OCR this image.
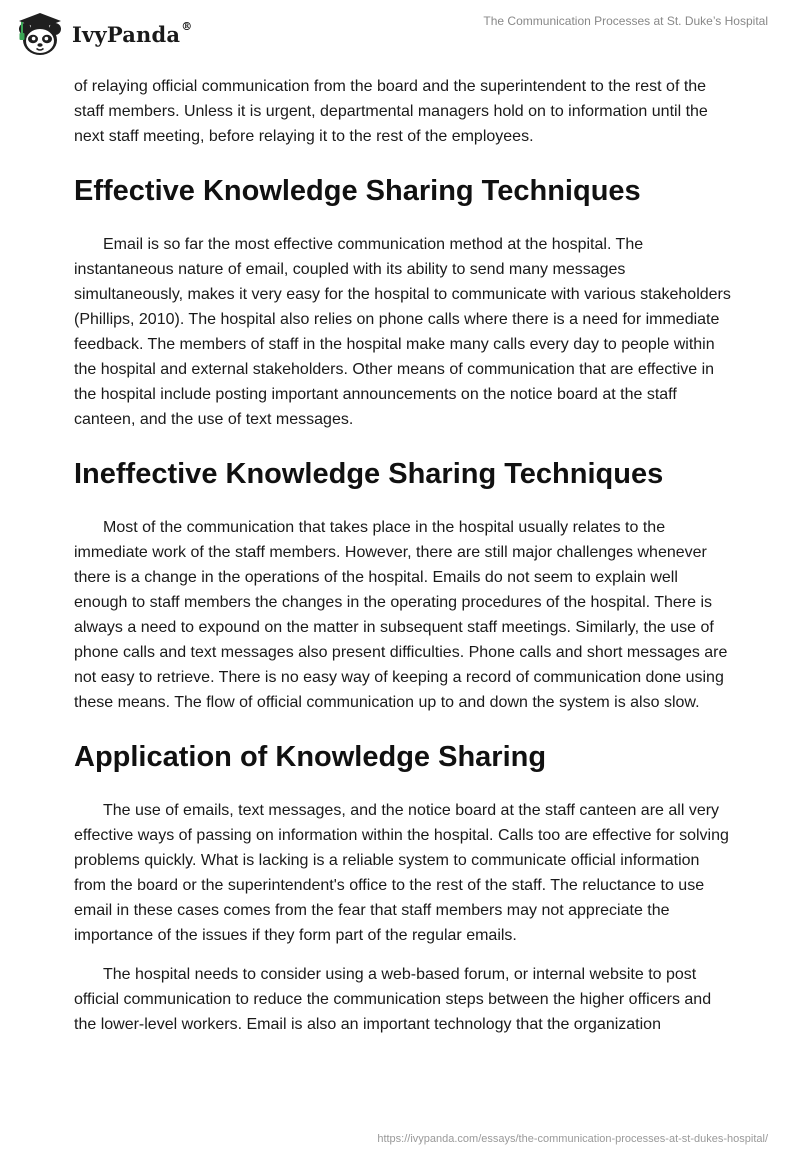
IvyPanda®	The Communication Processes at St. Duke’s Hospital

of relaying official communication from the board and the superintendent to the rest of the staff members. Unless it is urgent, departmental managers hold on to information until the next staff meeting, before relaying it to the rest of the employees.

Effective Knowledge Sharing Techniques

Email is so far the most effective communication method at the hospital. The instantaneous nature of email, coupled with its ability to send many messages simultaneously, makes it very easy for the hospital to communicate with various stakeholders (Phillips, 2010). The hospital also relies on phone calls where there is a need for immediate feedback. The members of staff in the hospital make many calls every day to people within the hospital and external stakeholders. Other means of communication that are effective in the hospital include posting important announcements on the notice board at the staff canteen, and the use of text messages.

Ineffective Knowledge Sharing Techniques

Most of the communication that takes place in the hospital usually relates to the immediate work of the staff members. However, there are still major challenges whenever there is a change in the operations of the hospital. Emails do not seem to explain well enough to staff members the changes in the operating procedures of the hospital. There is always a need to expound on the matter in subsequent staff meetings. Similarly, the use of phone calls and text messages also present difficulties. Phone calls and short messages are not easy to retrieve. There is no easy way of keeping a record of communication done using these means. The flow of official communication up to and down the system is also slow.

Application of Knowledge Sharing

The use of emails, text messages, and the notice board at the staff canteen are all very effective ways of passing on information within the hospital. Calls too are effective for solving problems quickly. What is lacking is a reliable system to communicate official information from the board or the superintendent's office to the rest of the staff. The reluctance to use email in these cases comes from the fear that staff members may not appreciate the importance of the issues if they form part of the regular emails.

The hospital needs to consider using a web-based forum, or internal website to post official communication to reduce the communication steps between the higher officers and the lower-level workers. Email is also an important technology that the organization

https://ivypanda.com/essays/the-communication-processes-at-st-dukes-hospital/
